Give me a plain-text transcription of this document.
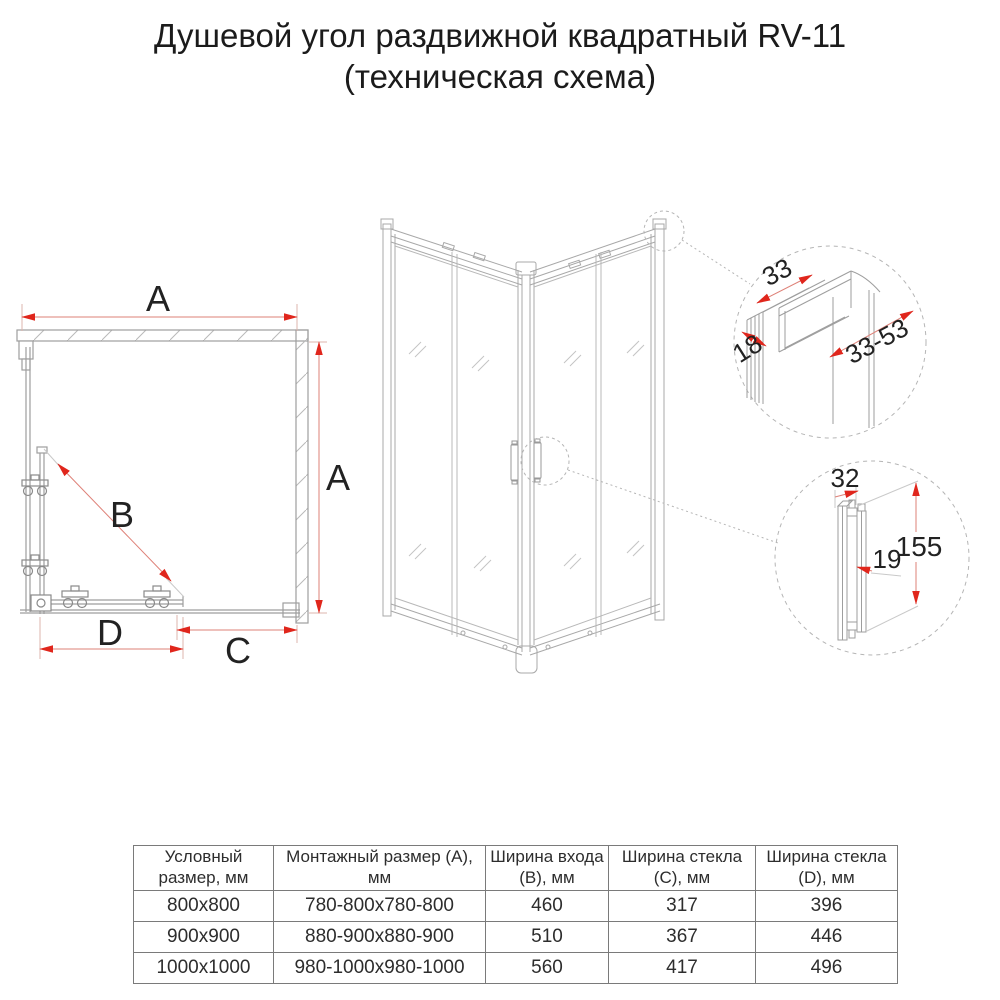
Душевой угол раздвижной квадратный RV-11
(техническая схема)
A
A
B
D	C
33
18	33-53
32
155
19
Условный размер, мм	Монтажный размер (A), мм	Ширина входа (B), мм	Ширина стекла (C), мм	Ширина стекла (D), мм
800x800	780-800x780-800	460	317	396
900x900	880-900x880-900	510	367	446
1000x1000	980-1000x980-1000	560	417	496
